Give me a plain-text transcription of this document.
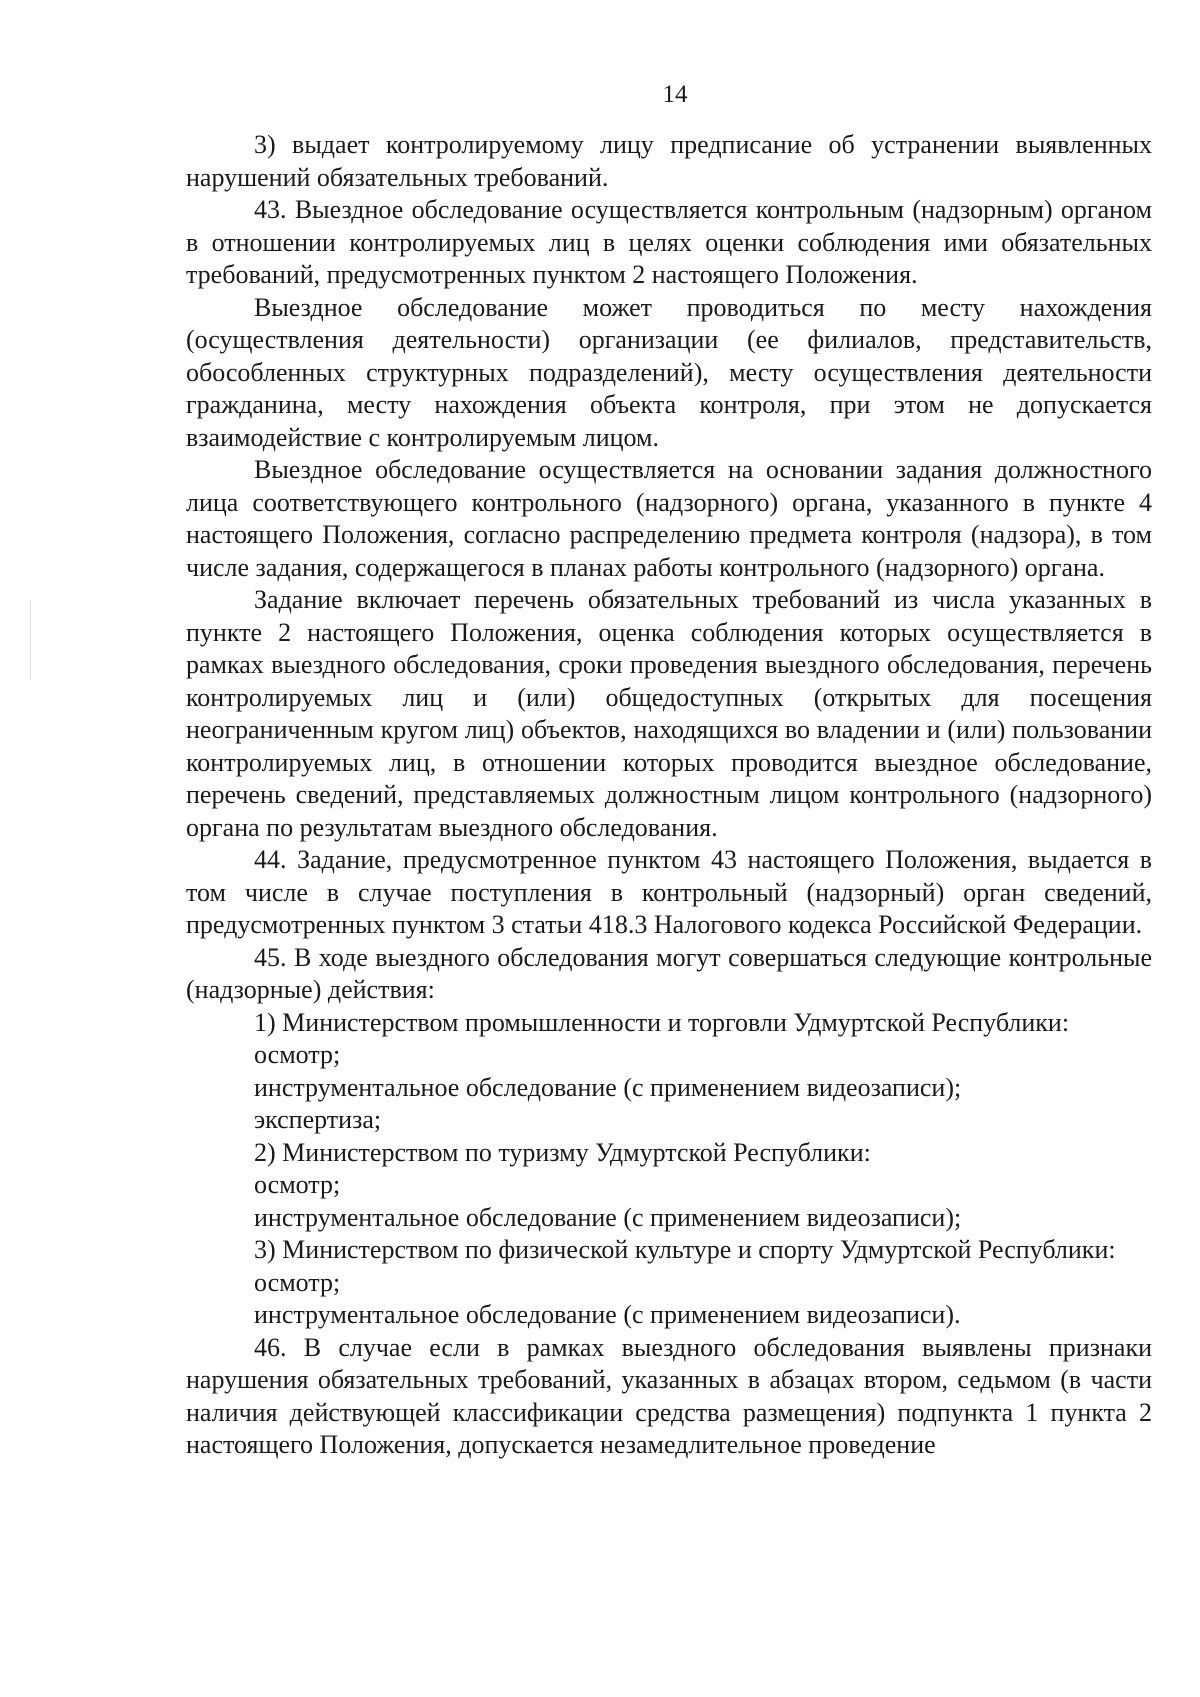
14

3) выдает контролируемому лицу предписание об устранении выявленных нарушений обязательных требований.

43. Выездное обследование осуществляется контрольным (надзорным) органом в отношении контролируемых лиц в целях оценки соблюдения ими обязательных требований, предусмотренных пунктом 2 настоящего Положения.

Выездное обследование может проводиться по месту нахождения (осуществления деятельности) организации (ее филиалов, представительств, обособленных структурных подразделений), месту осуществления деятельности гражданина, месту нахождения объекта контроля, при этом не допускается взаимодействие с контролируемым лицом.

Выездное обследование осуществляется на основании задания должностного лица соответствующего контрольного (надзорного) органа, указанного в пункте 4 настоящего Положения, согласно распределению предмета контроля (надзора), в том числе задания, содержащегося в планах работы контрольного (надзорного) органа.

Задание включает перечень обязательных требований из числа указанных в пункте 2 настоящего Положения, оценка соблюдения которых осуществляется в рамках выездного обследования, сроки проведения выездного обследования, перечень контролируемых лиц и (или) общедоступных (открытых для посещения неограниченным кругом лиц) объектов, находящихся во владении и (или) пользовании контролируемых лиц, в отношении которых проводится выездное обследование, перечень сведений, представляемых должностным лицом контрольного (надзорного) органа по результатам выездного обследования.

44. Задание, предусмотренное пунктом 43 настоящего Положения, выдается в том числе в случае поступления в контрольный (надзорный) орган сведений, предусмотренных пунктом 3 статьи 418.3 Налогового кодекса Российской Федерации.

45. В ходе выездного обследования могут совершаться следующие контрольные (надзорные) действия:

1) Министерством промышленности и торговли Удмуртской Республики:

осмотр;

инструментальное обследование (с применением видеозаписи);

экспертиза;

2) Министерством по туризму Удмуртской Республики:

осмотр;

инструментальное обследование (с применением видеозаписи);

3) Министерством по физической культуре и спорту Удмуртской Республики:

осмотр;

инструментальное обследование (с применением видеозаписи).

46. В случае если в рамках выездного обследования выявлены признаки нарушения обязательных требований, указанных в абзацах втором, седьмом (в части наличия действующей классификации средства размещения) подпункта 1 пункта 2 настоящего Положения, допускается незамедлительное проведение
